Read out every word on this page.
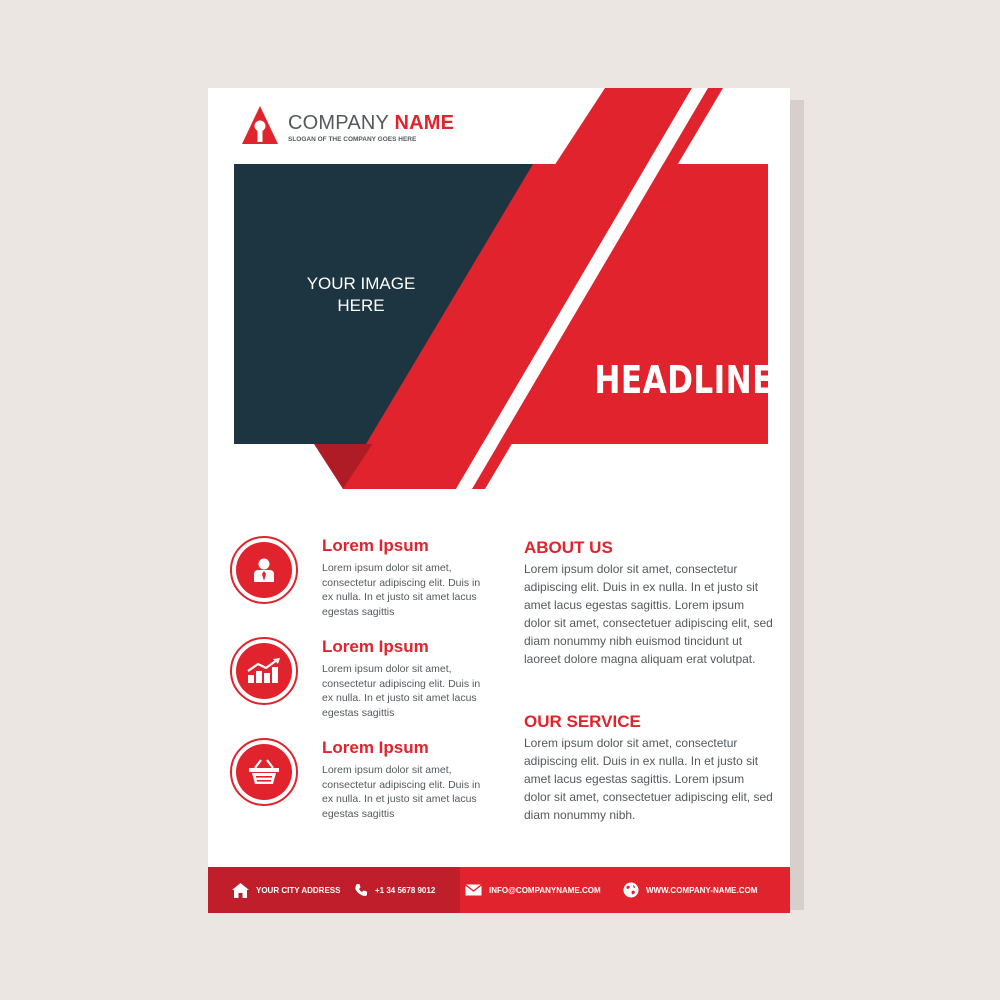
COMPANY NAME
SLOGAN OF THE COMPANY GOES HERE
YOUR IMAGE
HERE
HEADLINE
Lorem Ipsum
Lorem ipsum dolor sit amet, consectetur adipiscing elit. Duis in ex nulla. In et justo sit amet lacus egestas sagittis
Lorem Ipsum
Lorem ipsum dolor sit amet, consectetur adipiscing elit. Duis in ex nulla. In et justo sit amet lacus egestas sagittis
Lorem Ipsum
Lorem ipsum dolor sit amet, consectetur adipiscing elit. Duis in ex nulla. In et justo sit amet lacus egestas sagittis
ABOUT US
Lorem ipsum dolor sit amet, consectetur adipiscing elit. Duis in ex nulla. In et justo sit amet lacus egestas sagittis. Lorem ipsum dolor sit amet, consectetuer adipiscing elit, sed diam nonummy nibh euismod tincidunt ut laoreet dolore magna aliquam erat volutpat.
OUR SERVICE
Lorem ipsum dolor sit amet, consectetur adipiscing elit. Duis in ex nulla. In et justo sit amet lacus egestas sagittis. Lorem ipsum dolor sit amet, consectetuer adipiscing elit, sed diam nonummy nibh.
YOUR CITY ADDRESS	+1 34 5678 9012	INFO@COMPANYNAME.COM	WWW.COMPANY-NAME.COM
